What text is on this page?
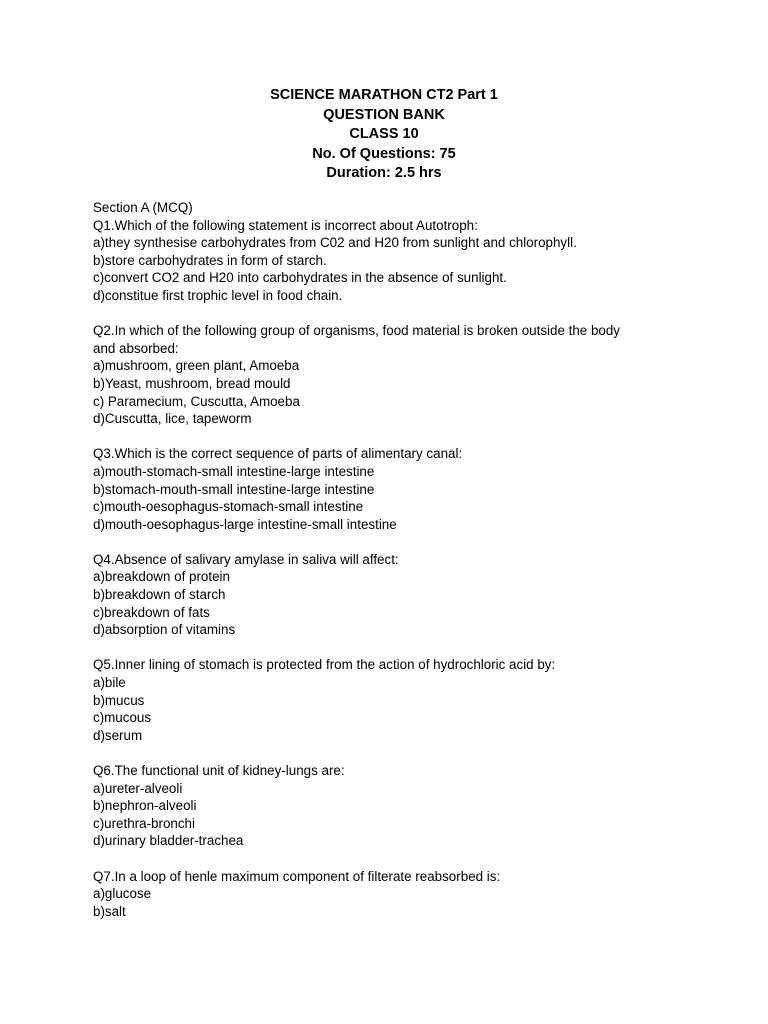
SCIENCE MARATHON CT2 Part 1
QUESTION BANK
CLASS 10
No. Of Questions: 75
Duration: 2.5 hrs
Section A (MCQ)
Q1.Which of the following statement is incorrect about Autotroph:
a)they synthesise carbohydrates from C02 and H20 from sunlight and chlorophyll.
b)store carbohydrates in form of starch.
c)convert CO2 and H20 into carbohydrates in the absence of sunlight.
d)constitue first trophic level in food chain.
Q2.In which of the following group of organisms, food material is broken outside the body
and absorbed:
a)mushroom, green plant, Amoeba
b)Yeast, mushroom, bread mould
c) Paramecium, Cuscutta, Amoeba
d)Cuscutta, lice, tapeworm
Q3.Which is the correct sequence of parts of alimentary canal:
a)mouth-stomach-small intestine-large intestine
b)stomach-mouth-small intestine-large intestine
c)mouth-oesophagus-stomach-small intestine
d)mouth-oesophagus-large intestine-small intestine
Q4.Absence of salivary amylase in saliva will affect:
a)breakdown of protein
b)breakdown of starch
c)breakdown of fats
d)absorption of vitamins
Q5.Inner lining of stomach is protected from the action of hydrochloric acid by:
a)bile
b)mucus
c)mucous
d)serum
Q6.The functional unit of kidney-lungs are:
a)ureter-alveoli
b)nephron-alveoli
c)urethra-bronchi
d)urinary bladder-trachea
Q7.In a loop of henle maximum component of filterate reabsorbed is:
a)glucose
b)salt
